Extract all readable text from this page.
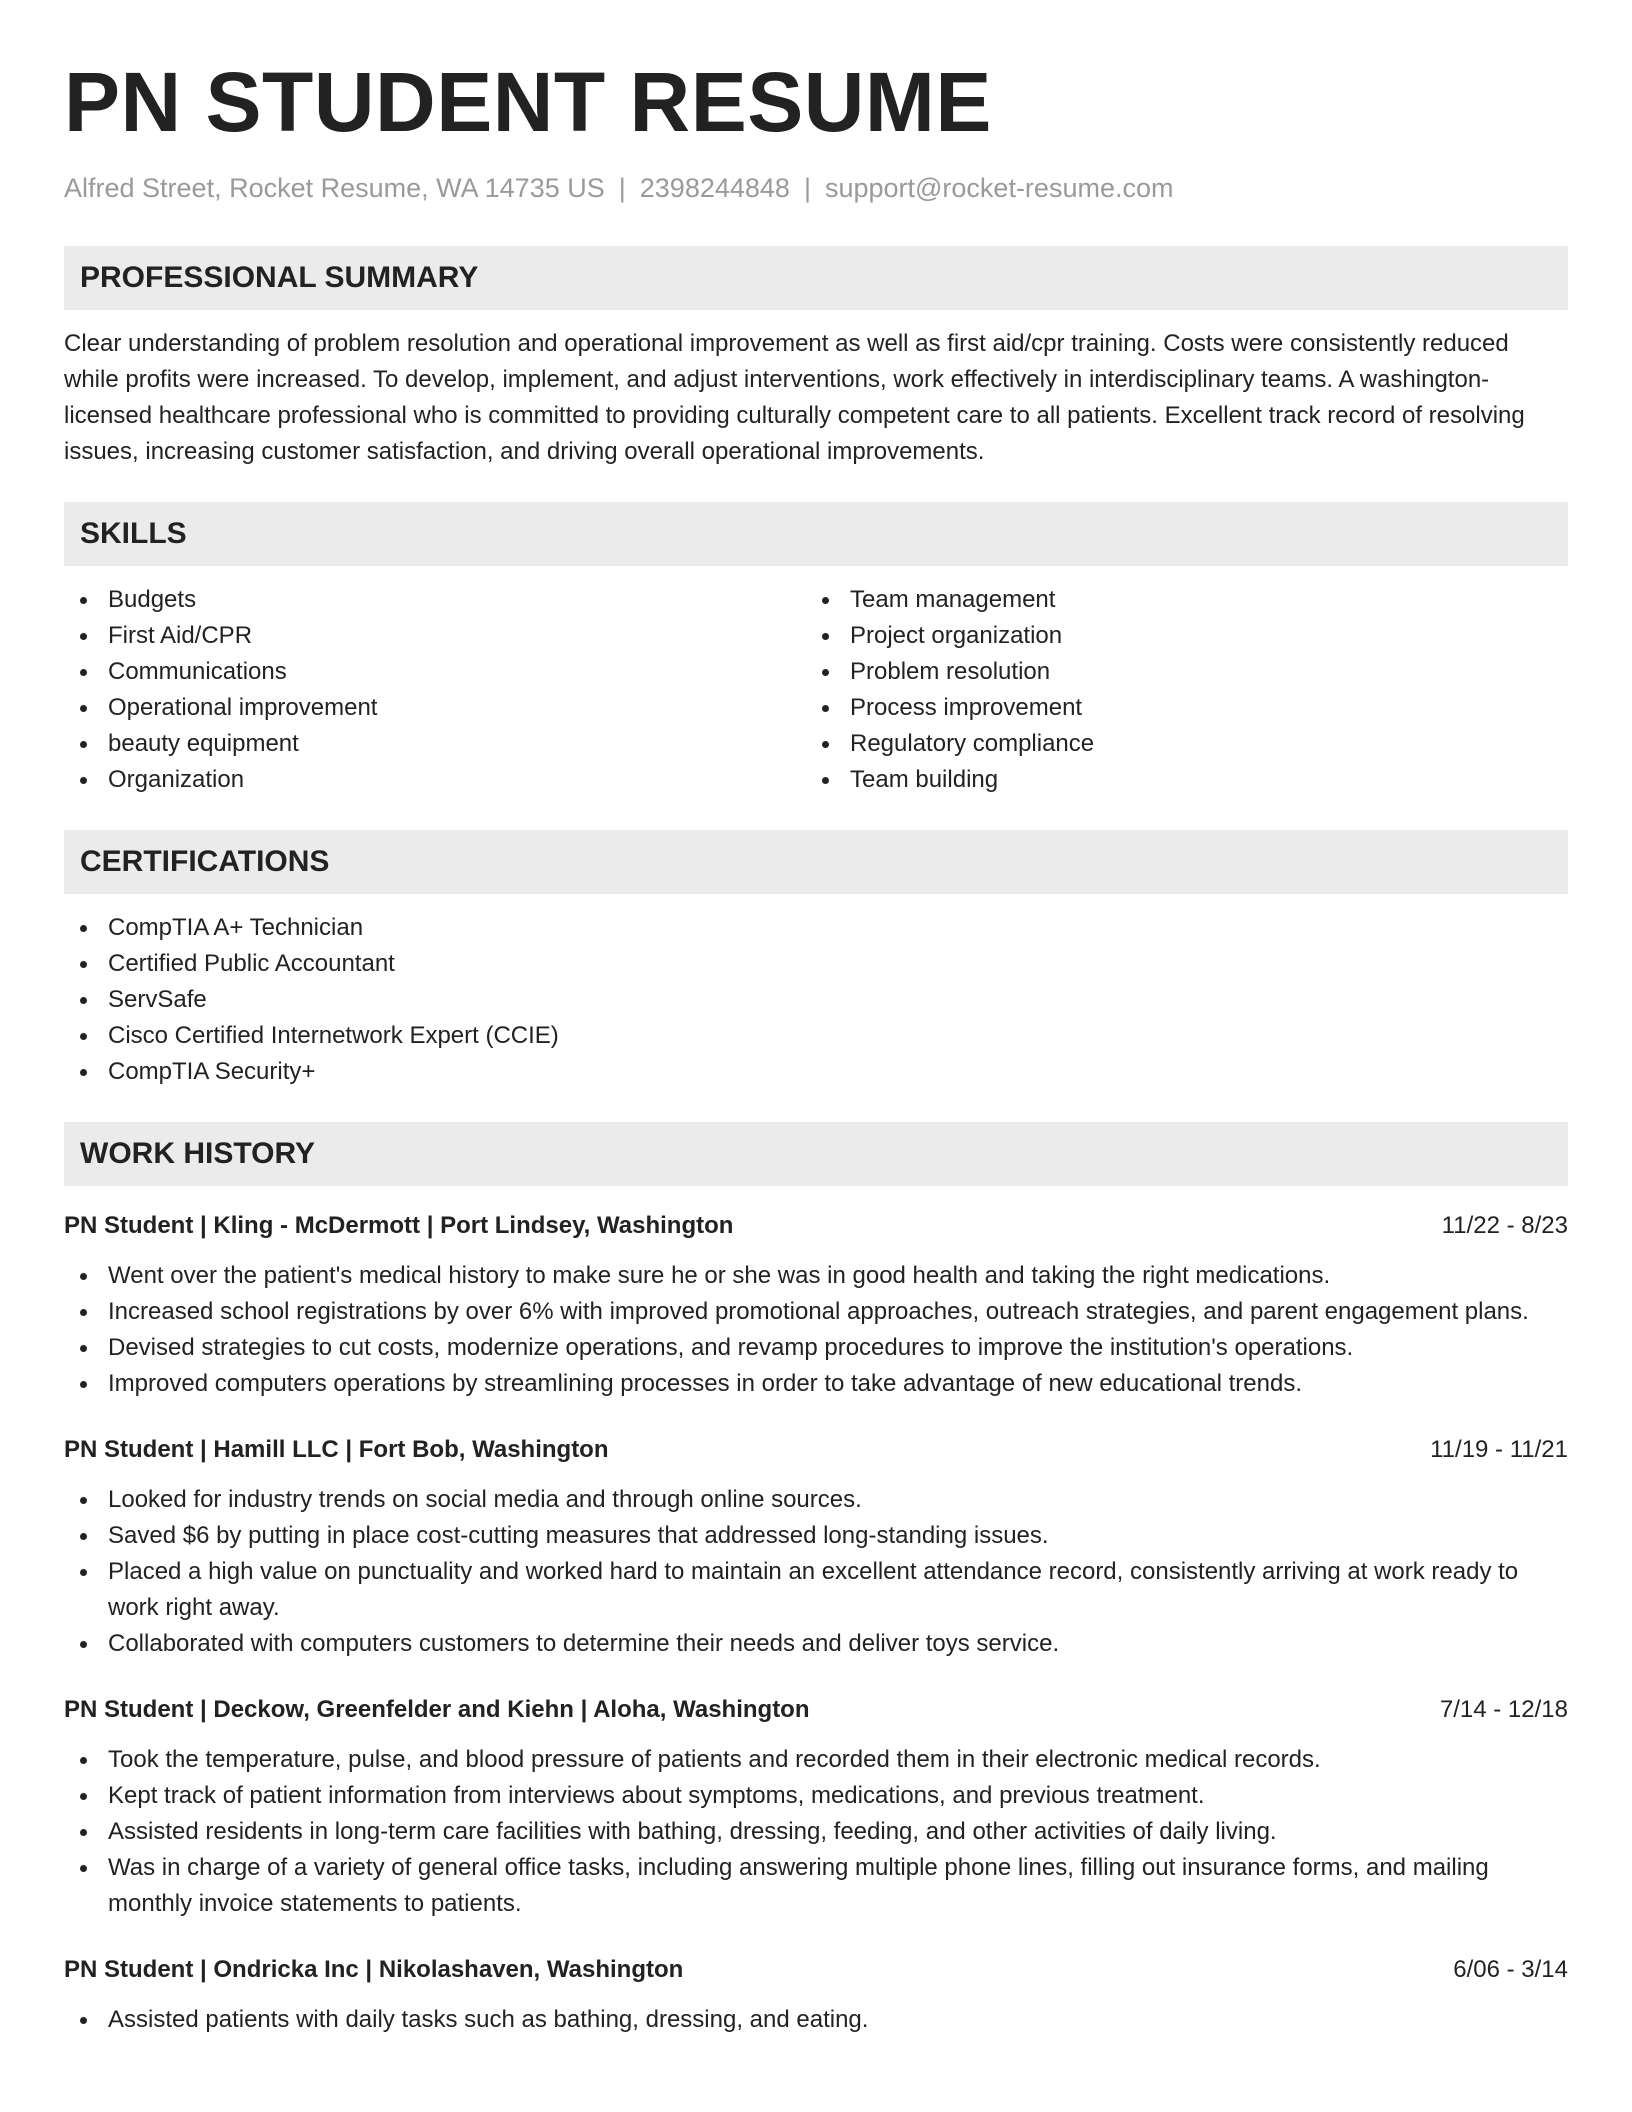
PN STUDENT RESUME
Alfred Street, Rocket Resume, WA 14735 US | 2398244848 | support@rocket-resume.com
PROFESSIONAL SUMMARY
Clear understanding of problem resolution and operational improvement as well as first aid/cpr training. Costs were consistently reduced while profits were increased. To develop, implement, and adjust interventions, work effectively in interdisciplinary teams. A washington-licensed healthcare professional who is committed to providing culturally competent care to all patients. Excellent track record of resolving issues, increasing customer satisfaction, and driving overall operational improvements.
SKILLS
Budgets
First Aid/CPR
Communications
Operational improvement
beauty equipment
Organization
Team management
Project organization
Problem resolution
Process improvement
Regulatory compliance
Team building
CERTIFICATIONS
CompTIA A+ Technician
Certified Public Accountant
ServSafe
Cisco Certified Internetwork Expert (CCIE)
CompTIA Security+
WORK HISTORY
PN Student | Kling - McDermott | Port Lindsey, Washington	11/22 - 8/23
Went over the patient's medical history to make sure he or she was in good health and taking the right medications.
Increased school registrations by over 6% with improved promotional approaches, outreach strategies, and parent engagement plans.
Devised strategies to cut costs, modernize operations, and revamp procedures to improve the institution's operations.
Improved computers operations by streamlining processes in order to take advantage of new educational trends.
PN Student | Hamill LLC | Fort Bob, Washington	11/19 - 11/21
Looked for industry trends on social media and through online sources.
Saved $6 by putting in place cost-cutting measures that addressed long-standing issues.
Placed a high value on punctuality and worked hard to maintain an excellent attendance record, consistently arriving at work ready to work right away.
Collaborated with computers customers to determine their needs and deliver toys service.
PN Student | Deckow, Greenfelder and Kiehn | Aloha, Washington	7/14 - 12/18
Took the temperature, pulse, and blood pressure of patients and recorded them in their electronic medical records.
Kept track of patient information from interviews about symptoms, medications, and previous treatment.
Assisted residents in long-term care facilities with bathing, dressing, feeding, and other activities of daily living.
Was in charge of a variety of general office tasks, including answering multiple phone lines, filling out insurance forms, and mailing monthly invoice statements to patients.
PN Student | Ondricka Inc | Nikolashaven, Washington	6/06 - 3/14
Assisted patients with daily tasks such as bathing, dressing, and eating.
